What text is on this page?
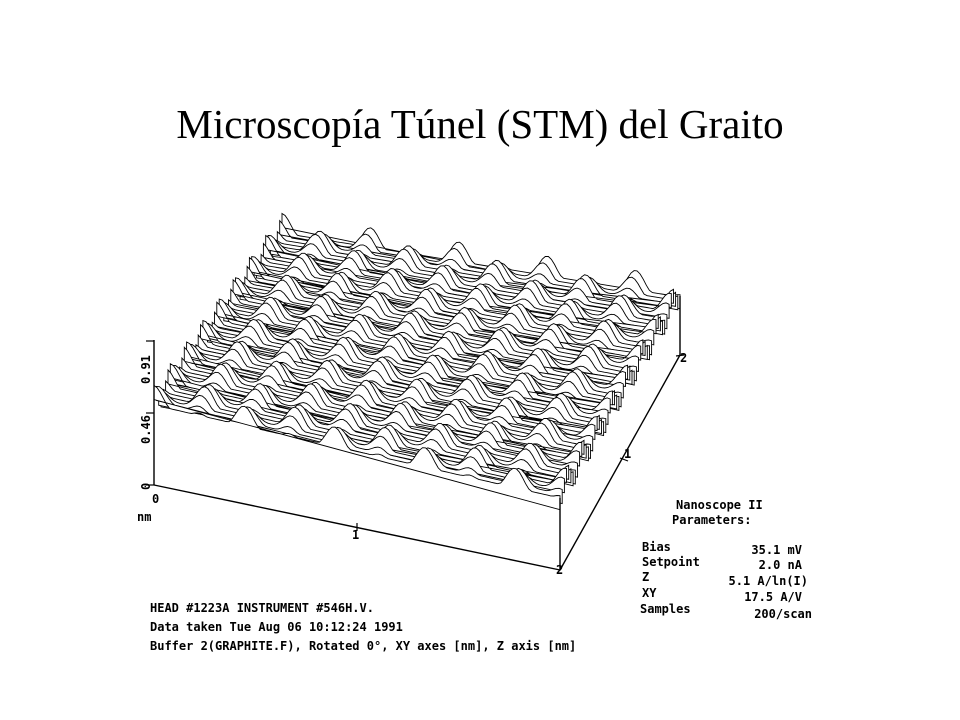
Microscopía Túnel (STM) del Graito
0
0.46
0.91
0
nm
1
2
1
2
Nanoscope II
Parameters:
Bias	35.1 mV
Setpoint	2.0 nA
Z	5.1 A/ln(I)
XY	17.5 A/V
Samples	200/scan
HEAD #1223A INSTRUMENT #546H.V.
Data taken Tue Aug 06 10:12:24 1991
Buffer 2(GRAPHITE.F), Rotated 0°, XY axes [nm], Z axis [nm]
